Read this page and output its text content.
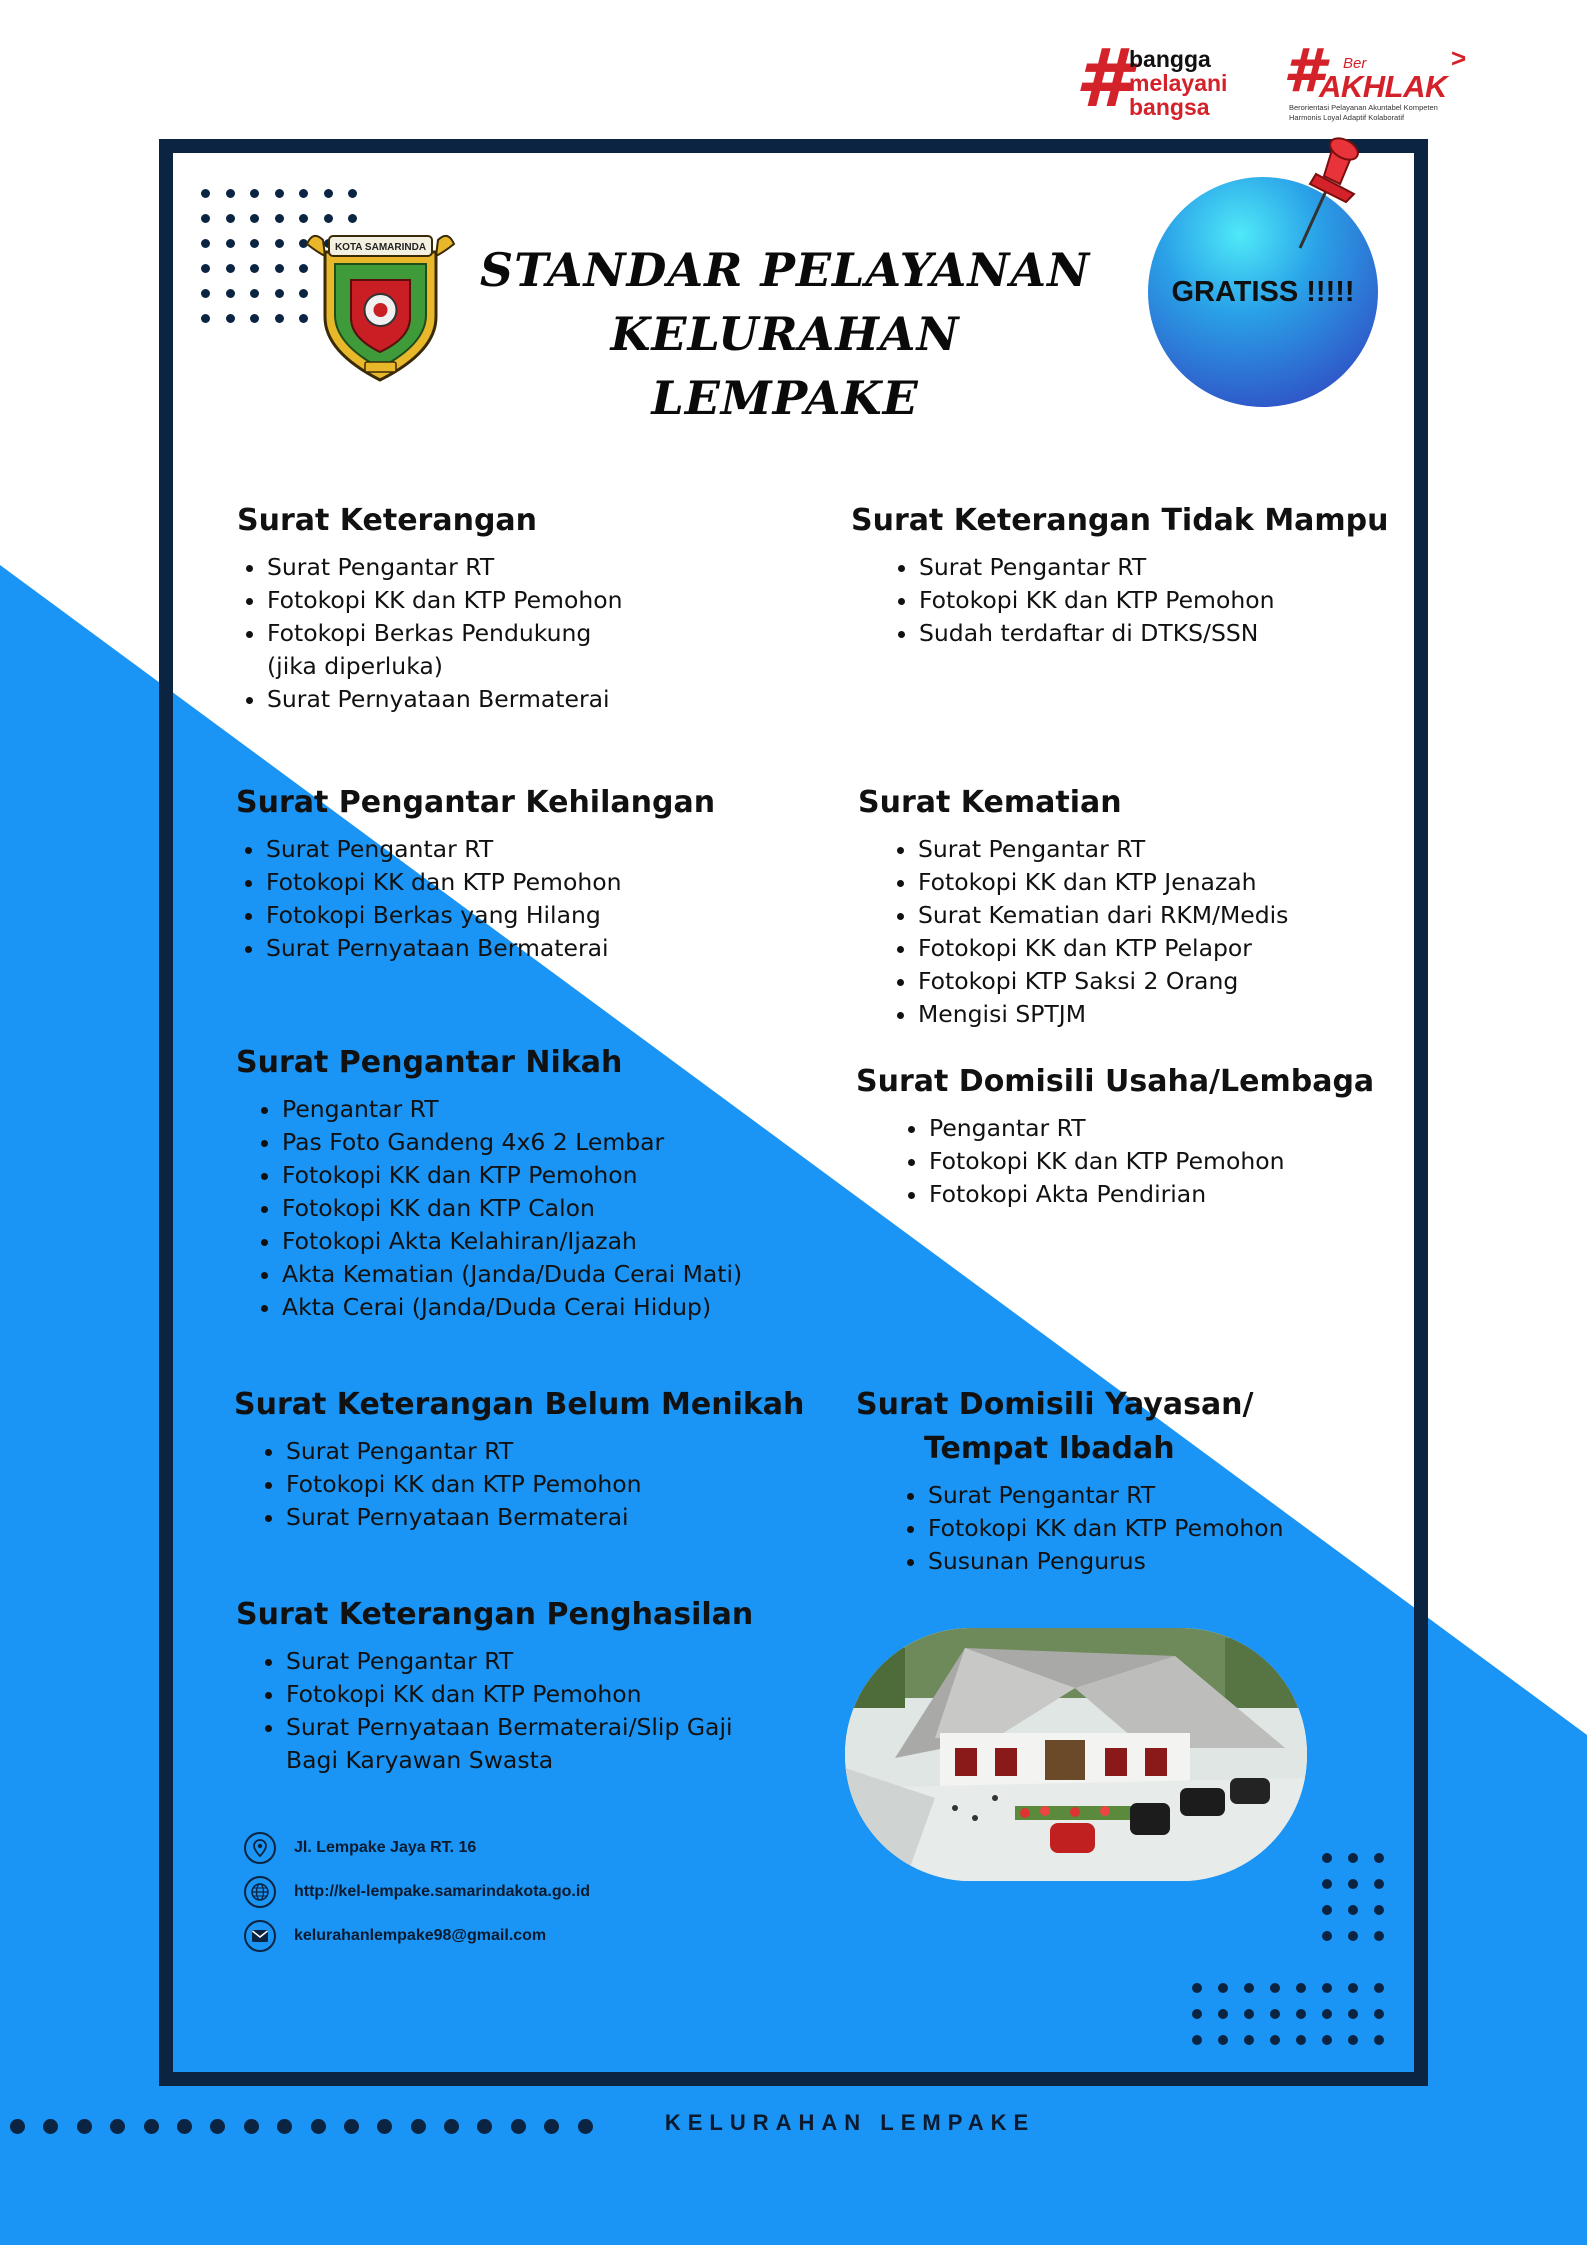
#
bangga
melayani
bangsa
# Ber	>
AKHLAK
Berorientasi Pelayanan Akuntabel Kompeten
Harmonis Loyal Adaptif Kolaboratif
KOTA SAMARINDA STANDAR PELAYANAN
KELURAHAN LEMPAKE
GRATISS !!!!!
Surat Keterangan
• Surat Pengantar RT
• Fotokopi KK dan KTP Pemohon
• Fotokopi Berkas Pendukung
(jika diperluka)
• Surat Pernyataan Bermaterai
Surat Keterangan Tidak Mampu
• Surat Pengantar RT
• Fotokopi KK dan KTP Pemohon
• Sudah terdaftar di DTKS/SSN
Surat Pengantar Kehilangan
• Surat Pengantar RT
• Fotokopi KK dan KTP Pemohon
• Fotokopi Berkas yang Hilang
• Surat Pernyataan Bermaterai
Surat Kematian
• Surat Pengantar RT
• Fotokopi KK dan KTP Jenazah
• Surat Kematian dari RKM/Medis
• Fotokopi KK dan KTP Pelapor
• Fotokopi KTP Saksi 2 Orang
• Mengisi SPTJM
Surat Pengantar Nikah
• Pengantar RT
• Pas Foto Gandeng 4x6 2 Lembar
• Fotokopi KK dan KTP Pemohon
• Fotokopi KK dan KTP Calon
• Fotokopi Akta Kelahiran/Ijazah
• Akta Kematian (Janda/Duda Cerai Mati)
• Akta Cerai (Janda/Duda Cerai Hidup)
Surat Domisili Usaha/Lembaga
• Pengantar RT
• Fotokopi KK dan KTP Pemohon
• Fotokopi Akta Pendirian
Surat Keterangan Belum Menikah
• Surat Pengantar RT
• Fotokopi KK dan KTP Pemohon
• Surat Pernyataan Bermaterai
Surat Domisili Yayasan/
Tempat Ibadah
• Surat Pengantar RT
• Fotokopi KK dan KTP Pemohon
• Susunan Pengurus
Surat Keterangan Penghasilan
• Surat Pengantar RT
• Fotokopi KK dan KTP Pemohon
• Surat Pernyataan Bermaterai/Slip Gaji
Bagi Karyawan Swasta
Jl. Lempake Jaya RT. 16
http://kel-lempake.samarindakota.go.id
kelurahanlempake98@gmail.com
KELURAHAN LEMPAKE
